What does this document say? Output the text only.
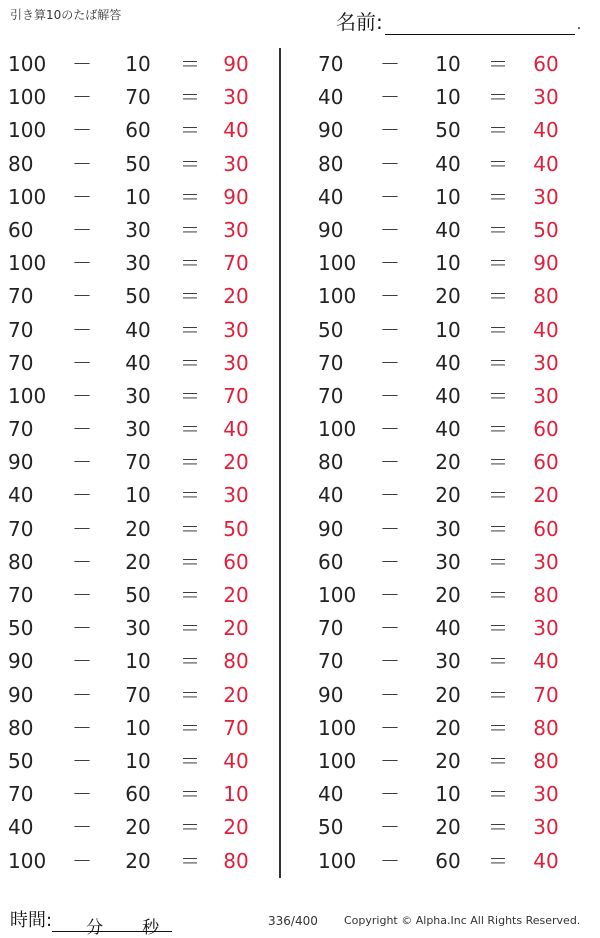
引き算10のたば解答	名前:	.
100	－ 10 ＝ 90
100	－ 70 ＝ 30
100	－ 60 ＝ 40
80	－ 50 ＝ 30
100	－ 10 ＝ 90
60	－ 30 ＝ 30
100	－ 30 ＝ 70
70	－ 50 ＝ 20
70	－ 40 ＝ 30
70	－ 40 ＝ 30
100	－ 30 ＝ 70
70	－ 30 ＝ 40
90	－ 70 ＝ 20
40	－ 10 ＝ 30
70	－ 20 ＝ 50
80	－ 20 ＝ 60
70	－ 50 ＝ 20
50	－ 30 ＝ 20
90	－ 10 ＝ 80
90	－ 70 ＝ 20
80	－ 10 ＝ 70
50	－ 10 ＝ 40
70	－ 60 ＝ 10
40	－ 20 ＝ 20
100	－ 20 ＝ 80
70	－ 10 ＝ 60
40	－ 10 ＝ 30
90	－ 50 ＝ 40
80	－ 40 ＝ 40
40	－ 10 ＝ 30
90	－ 40 ＝ 50
100	－ 10 ＝ 90
100	－ 20 ＝ 80
50	－ 10 ＝ 40
70	－ 40 ＝ 30
70	－ 40 ＝ 30
100	－ 40 ＝ 60
80	－ 20 ＝ 60
40	－ 20 ＝ 20
90	－ 30 ＝ 60
60	－ 30 ＝ 30
100	－ 20 ＝ 80
70	－ 40 ＝ 30
70	－ 30 ＝ 40
90	－ 20 ＝ 70
100	－ 20 ＝ 80
100	－ 20 ＝ 80
40	－ 10 ＝ 30
50	－ 20 ＝ 30
100	－ 60 ＝ 40
時間: 分 秒	336/400 Copyright © Alpha.Inc All Rights Reserved.
